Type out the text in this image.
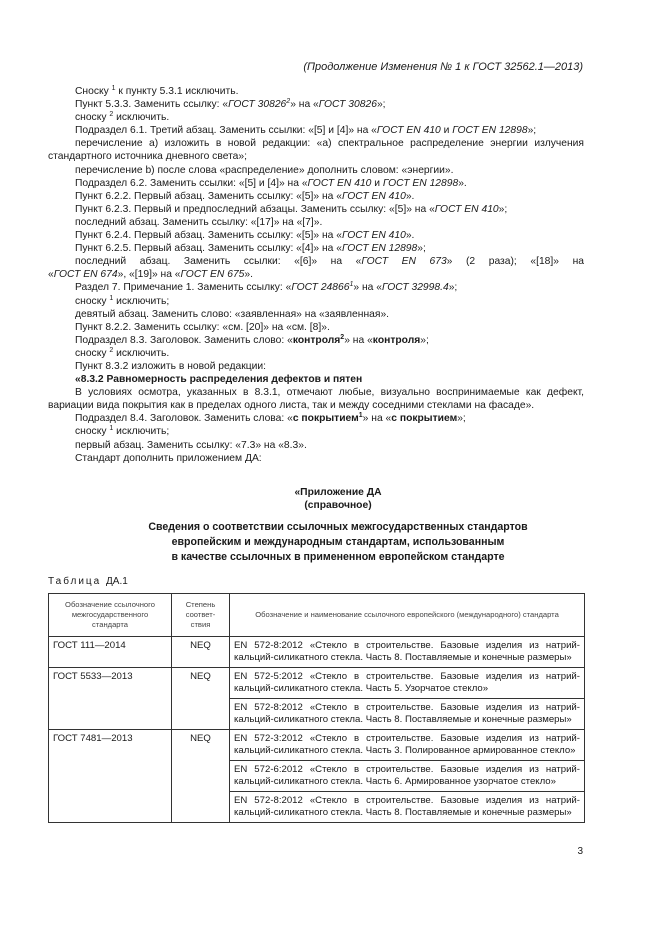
(Продолжение Изменения № 1 к ГОСТ 32562.1—2013)

Сноску $^1$ к пункту 5.3.1 исключить.

Пункт 5.3.3. Заменить ссылку: «ГОСТ 30826$^2$» на «ГОСТ 30826»;

сноску $^2$ исключить.

Подраздел 6.1. Третий абзац. Заменить ссылки: «[5] и [4]» на «ГОСТ EN 410 и ГОСТ EN 12898»;

перечисление а) изложить в новой редакции: «а) спектральное распределение энергии излучения стандартного источника дневного света»;

перечисление b) после слова «распределение» дополнить словом: «энергии».

Подраздел 6.2. Заменить ссылки: «[5] и [4]» на «ГОСТ EN 410 и ГОСТ EN 12898».

Пункт 6.2.2. Первый абзац. Заменить ссылку: «[5]» на «ГОСТ EN 410».

Пункт 6.2.3. Первый и предпоследний абзацы. Заменить ссылку: «[5]» на «ГОСТ EN 410»;

последний абзац. Заменить ссылку: «[17]» на «[7]».

Пункт 6.2.4. Первый абзац. Заменить ссылку: «[5]» на «ГОСТ EN 410».

Пункт 6.2.5. Первый абзац. Заменить ссылку: «[4]» на «ГОСТ EN 12898»;

последний абзац. Заменить ссылки: «[6]» на «ГОСТ EN 673» (2 раза); «[18]» на

«ГОСТ EN 674», «[19]» на «ГОСТ EN 675».

Раздел 7. Примечание 1. Заменить ссылку: «ГОСТ 24866$^1$» на «ГОСТ 32998.4»;

сноску $^1$ исключить;

девятый абзац. Заменить слово: «заявленная» на «заявленная».

Пункт 8.2.2. Заменить ссылку: «см. [20]» на «см. [8]».

Подраздел 8.3. Заголовок. Заменить слово: «контроля$^2$» на «контроля»;

сноску $^2$ исключить.

Пункт 8.3.2 изложить в новой редакции:

«8.3.2 Равномерность распределения дефектов и пятен

В условиях осмотра, указанных в 8.3.1, отмечают любые, визуально воспринимаемые как дефект, вариации вида покрытия как в пределах одного листа, так и между соседними стеклами на фасаде».

Подраздел 8.4. Заголовок. Заменить слова: «с покрытием$^1$» на «с покрытием»;

сноску $^1$ исключить;

первый абзац. Заменить ссылку: «7.3» на «8.3».

Стандарт дополнить приложением ДА:

«Приложение ДА
(справочное)
Сведения о соответствии ссылочных межгосударственных стандартов
европейским и международным стандартам, использованным
в качестве ссылочных в примененном европейском стандарте
Таблица ДА.1
Обозначение ссылочного межгосударственного стандарта	Степень соответ-ствия	Обозначение и наименование ссылочного европейского (международного) стандарта
ГОСТ 111—2014	NEQ	EN 572-8:2012 «Стекло в строительстве. Базовые изделия из натрий-кальций-силикатного стекла. Часть 8. Поставляемые и конечные размеры»
ГОСТ 5533—2013	NEQ	EN 572-5:2012 «Стекло в строительстве. Базовые изделия из натрий-кальций-силикатного стекла. Часть 5. Узорчатое стекло»
		EN 572-8:2012 «Стекло в строительстве. Базовые изделия из натрий-кальций-силикатного стекла. Часть 8. Поставляемые и конечные размеры»
ГОСТ 7481—2013	NEQ	EN 572-3:2012 «Стекло в строительстве. Базовые изделия из натрий-кальций-силикатного стекла. Часть 3. Полированное армированное стекло»
		EN 572-6:2012 «Стекло в строительстве. Базовые изделия из натрий-кальций-силикатного стекла. Часть 6. Армированное узорчатое стекло»
		EN 572-8:2012 «Стекло в строительстве. Базовые изделия из натрий-кальций-силикатного стекла. Часть 8. Поставляемые и конечные размеры»
3
